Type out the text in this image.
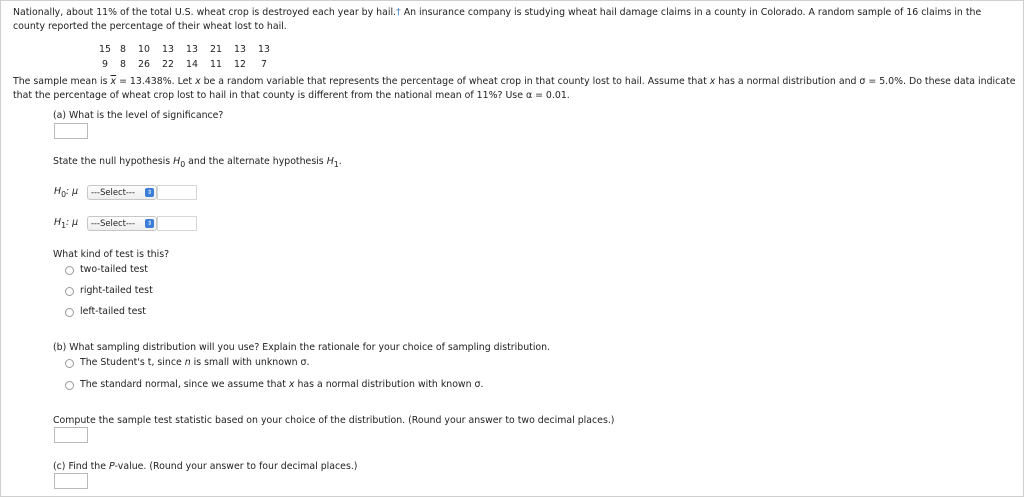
Nationally, about 11% of the total U.S. wheat crop is destroyed each year by hail.† An insurance company is studying wheat hail damage claims in a county in Colorado. A random sample of 16 claims in the county reported the percentage of their wheat lost to hail.
15 8	10	13	13	21	13	13
9	8	26	22	14	11	12	7
The sample mean is $\overline{x} = 13.438\%$. Let x be a random variable that represents the percentage of wheat crop in that county lost to hail. Assume that x has a normal distribution and σ = 5.0%. Do these data indicate that the percentage of wheat crop lost to hail in that county is different from the national mean of 11%? Use α = 0.01.
(a) What is the level of significance?
State the null hypothesis $H_0$ and the alternate hypothesis $H_1$.
$H_0$: μ	---Select---	⇕
$H_1$: μ	---Select---	⇕
What kind of test is this?
two-tailed test
right-tailed test
left-tailed test
(b) What sampling distribution will you use? Explain the rationale for your choice of sampling distribution.
The Student's t, since n is small with unknown σ.
The standard normal, since we assume that x has a normal distribution with known σ.
Compute the sample test statistic based on your choice of the distribution. (Round your answer to two decimal places.)
(c) Find the P-value. (Round your answer to four decimal places.)
